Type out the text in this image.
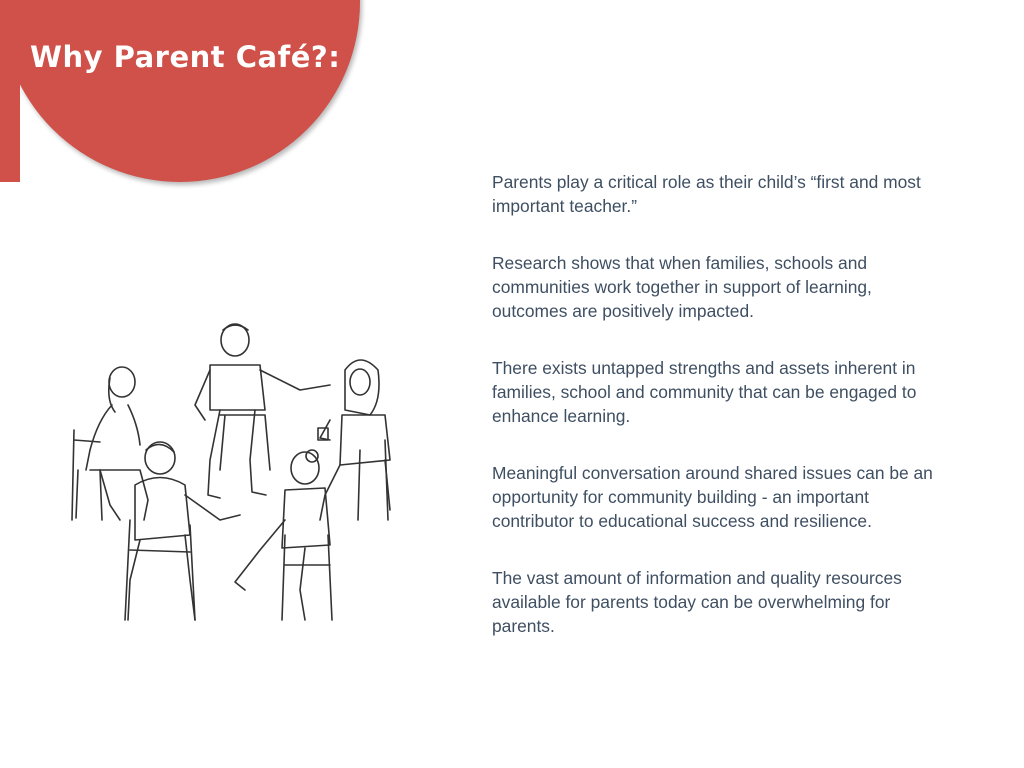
Why Parent Café?:

Parents play a critical role as their child’s “first and most important teacher.”

Research shows that when families, schools and communities work together in support of learning, outcomes are positively impacted.

There exists untapped strengths and assets inherent in families, school and community that can be engaged to enhance learning.

Meaningful conversation around shared issues can be an opportunity for community building - an important contributor to educational success and resilience.

The vast amount of information and quality resources available for parents today can be overwhelming for parents.
